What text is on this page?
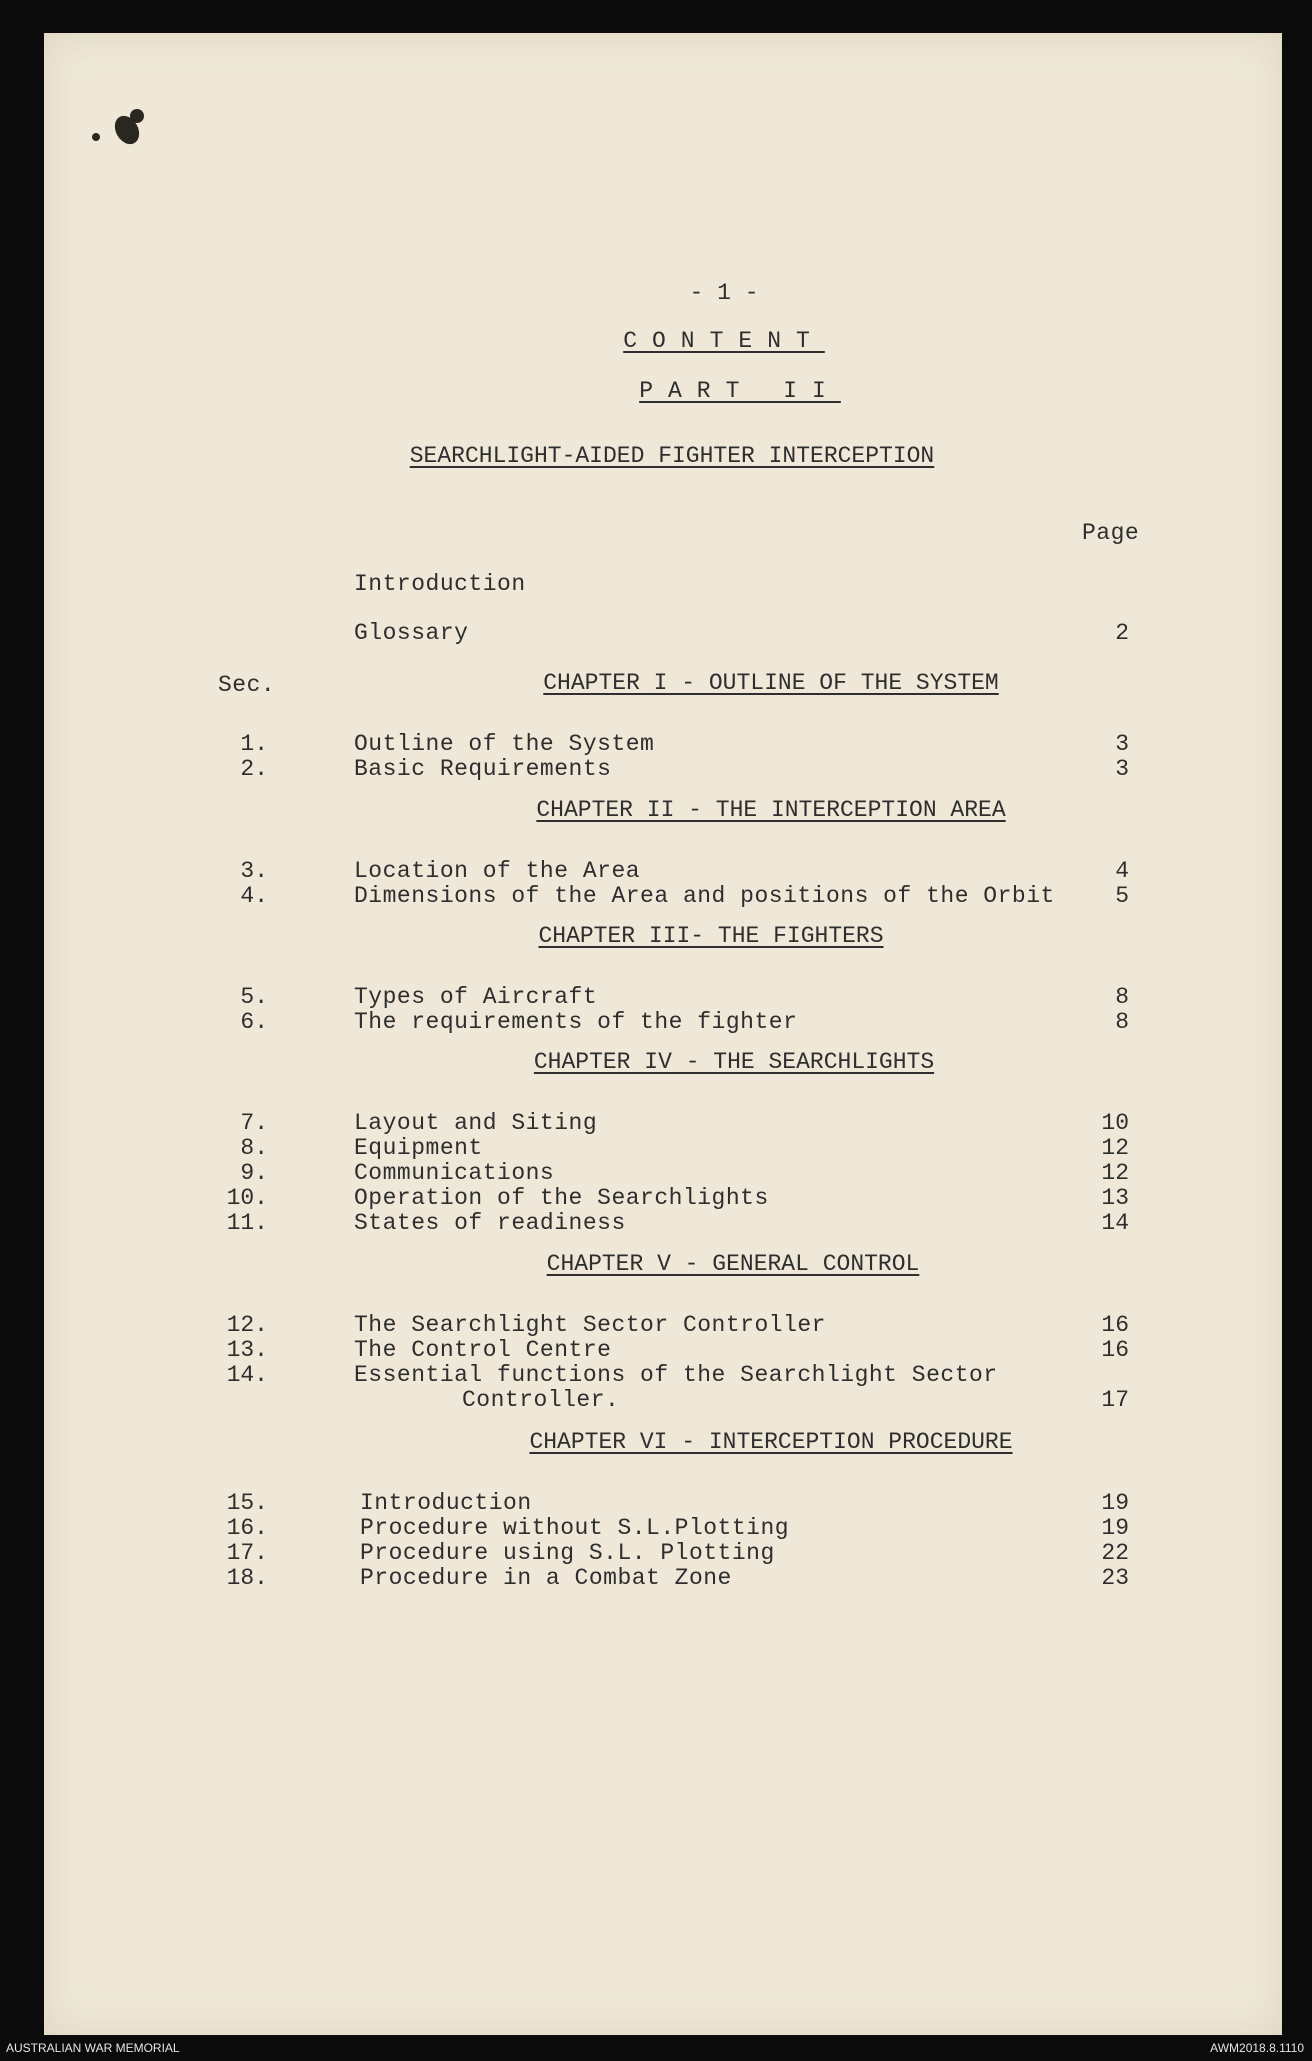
- 1 -
CONTENT
PART II
SEARCHLIGHT-AIDED FIGHTER INTERCEPTION
Page
Introduction
Glossary	2
Sec.	CHAPTER I - OUTLINE OF THE SYSTEM
1.	Outline of the System	3
2.	Basic Requirements	3
CHAPTER II - THE INTERCEPTION AREA
3.	Location of the Area	4
4.	Dimensions of the Area and positions of the Orbit	5
CHAPTER III- THE FIGHTERS
5.	Types of Aircraft	8
6.	The requirements of the fighter	8
CHAPTER IV - THE SEARCHLIGHTS
7.	Layout and Siting	10
8.	Equipment	12
9.	Communications	12
10.	Operation of the Searchlights	13
11.	States of readiness	14
CHAPTER V - GENERAL CONTROL
12.	The Searchlight Sector Controller	16
13.	The Control Centre	16
14.	Essential functions of the Searchlight Sector
Controller.	17
CHAPTER VI - INTERCEPTION PROCEDURE
15.	Introduction	19
16.	Procedure without S.L.Plotting	19
17.	Procedure using S.L. Plotting	22
18.	Procedure in a Combat Zone	23
AUSTRALIAN WAR MEMORIAL	AWM2018.8.1110
